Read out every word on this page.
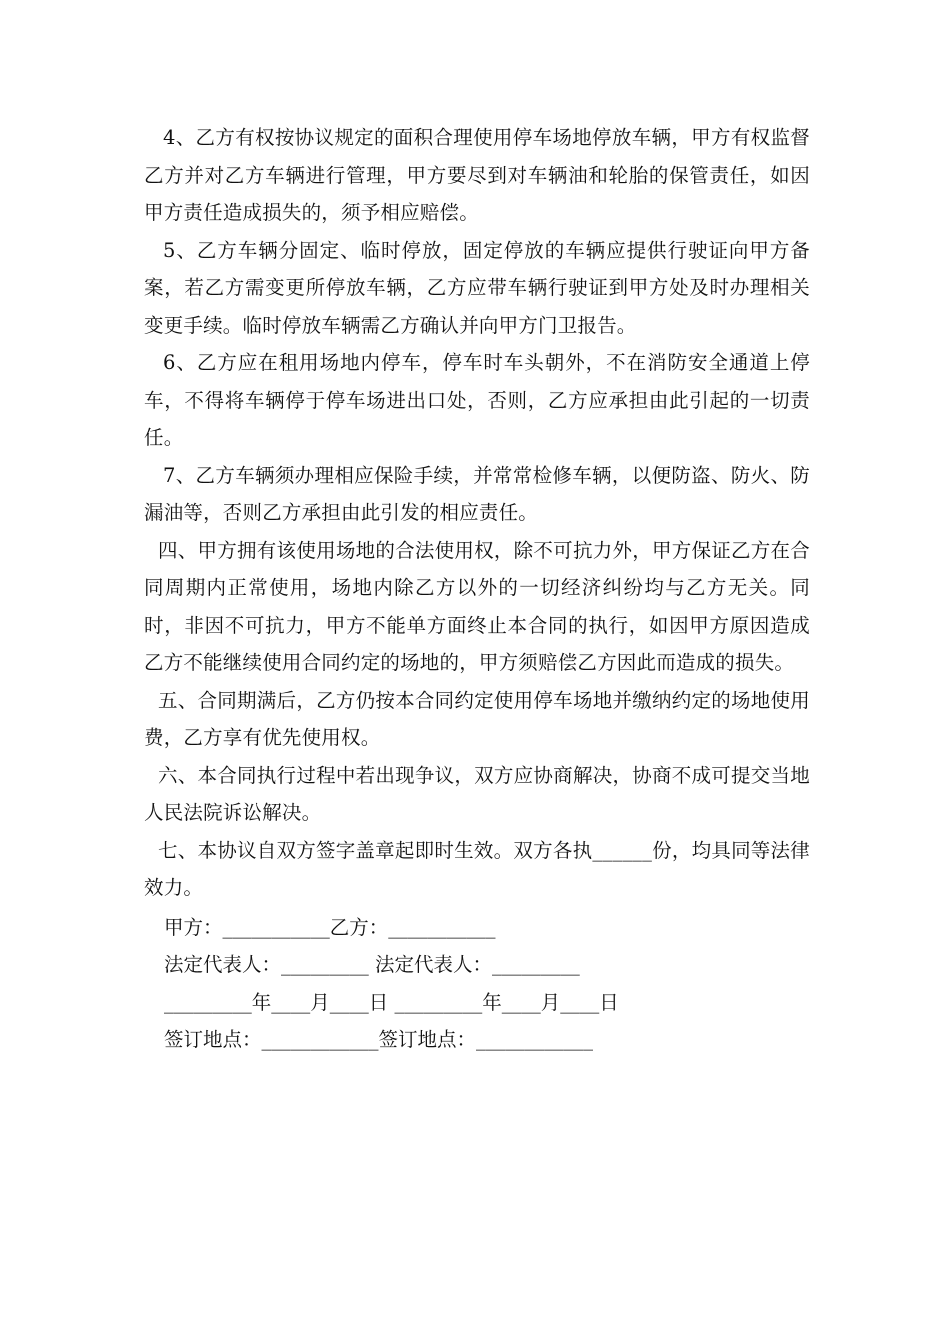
4、乙方有权按协议规定的面积合理使用停车场地停放车辆，甲方有权监督乙方并对乙方车辆进行管理，甲方要尽到对车辆油和轮胎的保管责任，如因甲方责任造成损失的，须予相应赔偿。

5、乙方车辆分固定、临时停放，固定停放的车辆应提供行驶证向甲方备案，若乙方需变更所停放车辆，乙方应带车辆行驶证到甲方处及时办理相关变更手续。临时停放车辆需乙方确认并向甲方门卫报告。

6、乙方应在租用场地内停车，停车时车头朝外，不在消防安全通道上停车，不得将车辆停于停车场进出口处，否则，乙方应承担由此引起的一切责任。

7、乙方车辆须办理相应保险手续，并常常检修车辆，以便防盗、防火、防漏油等，否则乙方承担由此引发的相应责任。

四、甲方拥有该使用场地的合法使用权，除不可抗力外，甲方保证乙方在合同周期内正常使用，场地内除乙方以外的一切经济纠纷均与乙方无关。同时，非因不可抗力，甲方不能单方面终止本合同的执行，如因甲方原因造成乙方不能继续使用合同约定的场地的，甲方须赔偿乙方因此而造成的损失。

五、合同期满后，乙方仍按本合同约定使用停车场地并缴纳约定的场地使用费，乙方享有优先使用权。

六、本合同执行过程中若出现争议，双方应协商解决，协商不成可提交当地人民法院诉讼解决。

七、本协议自双方签字盖章起即时生效。双方各执______份，均具同等法律效力。

甲方：___________乙方：___________

法定代表人：_________ 法定代表人：_________

_________年____月____日 _________年____月____日

签订地点：____________签订地点：____________
